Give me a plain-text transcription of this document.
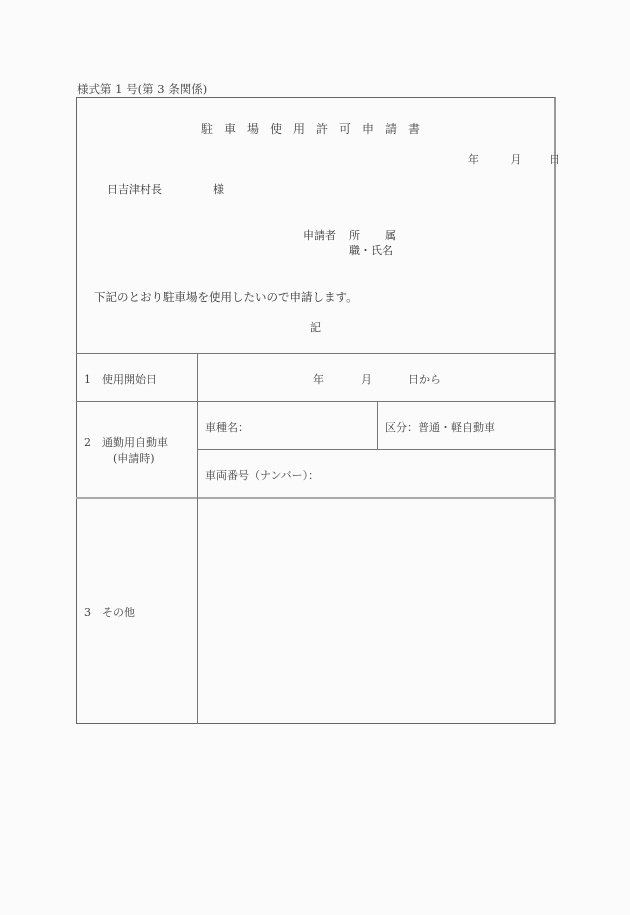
様式第 1 号(第 3 条関係)
駐車場使用許可申請書
年	月	日
日吉津村長	様
申請者 所 属
職・氏名
下記のとおり駐車場を使用したいので申請します。
記
1　使用開始日	年	月	日から
2　通勤用自動車
(申請時)
車種名：	区分：普通・軽自動車
車両番号（ナンバー）：
3　その他
